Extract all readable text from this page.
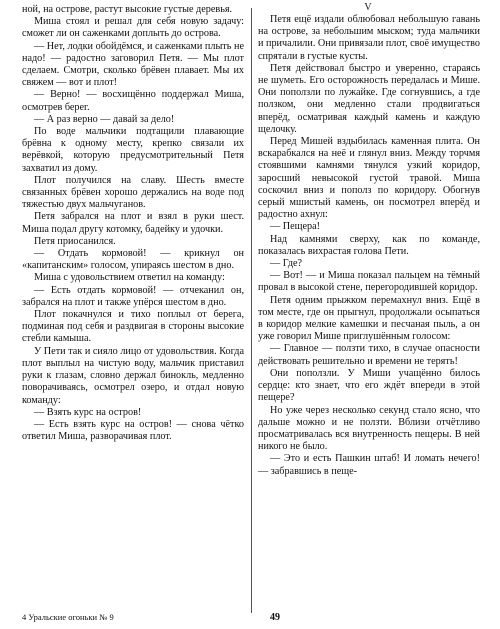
ной, на острове, растут высокие густые деревья.

Миша стоял и решал для себя новую задачу: сможет ли он саженками доплыть до острова.

— Нет, лодки обойдёмся, и саженками плыть не надо! — радостно заговорил Петя. — Мы плот сделаем. Смотри, сколько брёвен плавает. Мы их свяжем — вот и плот!

— Верно! — восхищённо поддержал Миша, осмотрев берег.

— А раз верно — давай за дело!

По воде мальчики подтащили плавающие брёвна к одному месту, крепко связали их верёвкой, которую предусмотрительный Петя захватил из дому.

Плот получился на славу. Шесть вместе связанных брёвен хорошо держались на воде под тяжестью двух мальчуганов.

Петя забрался на плот и взял в руки шест. Миша подал другу котомку, бадейку и удочки.

Петя приосанился.

— Отдать кормовой! — крикнул он «капитанским» голосом, упираясь шестом в дно.

Миша с удовольствием ответил на команду:

— Есть отдать кормовой! — отчеканил он, забрался на плот и также упёрся шестом в дно.

Плот покачнулся и тихо поплыл от берега, подминая под себя и раздвигая в стороны высокие стебли камыша.

У Пети так и сияло лицо от удовольствия. Когда плот выплыл на чистую воду, мальчик приставил руки к глазам, словно держал бинокль, медленно поворачиваясь, осмотрел озеро, и отдал новую команду:

— Взять курс на остров!

— Есть взять курс на остров! — снова чётко ответил Миша, разворачивая плот.

V

Петя ещё издали облюбовал небольшую гавань на острове, за небольшим мыском; туда мальчики и причалили. Они привязали плот, своё имущество спрятали в густые кусты.

Петя действовал быстро и уверенно, стараясь не шуметь. Его осторожность передалась и Мише. Они поползли по лужайке. Где согнувшись, а где ползком, они медленно стали продвигаться вперёд, осматривая каждый камень и каждую щелочку.

Перед Мишей вздыбилась каменная плита. Он вскарабкался на неё и глянул вниз. Между торчмя стоявшими камнями тянулся узкий коридор, заросший невысокой густой травой. Миша соскочил вниз и пополз по коридору. Обогнув серый мшистый камень, он посмотрел вперёд и радостно ахнул:

— Пещера!

Над камнями сверху, как по команде, показалась вихрастая голова Пети.

— Где?

— Вот! — и Миша показал пальцем на тёмный провал в высокой стене, перегородившей коридор.

Петя одним прыжком перемахнул вниз. Ещё в том месте, где он прыгнул, продолжали осыпаться в коридор мелкие камешки и песчаная пыль, а он уже говорил Мише приглушённым голосом:

— Главное — ползти тихо, в случае опасности действовать решительно и времени не терять!

Они поползли. У Миши учащённо билось сердце: кто знает, что его ждёт впереди в этой пещере?

Но уже через несколько секунд стало ясно, что дальше можно и не ползти. Вблизи отчётливо просматривалась вся внутренность пещеры. В ней никого не было.

— Это и есть Пашкин штаб! И ломать нечего! — забравшись в пеще-

4 Уральские огоньки № 9	49
